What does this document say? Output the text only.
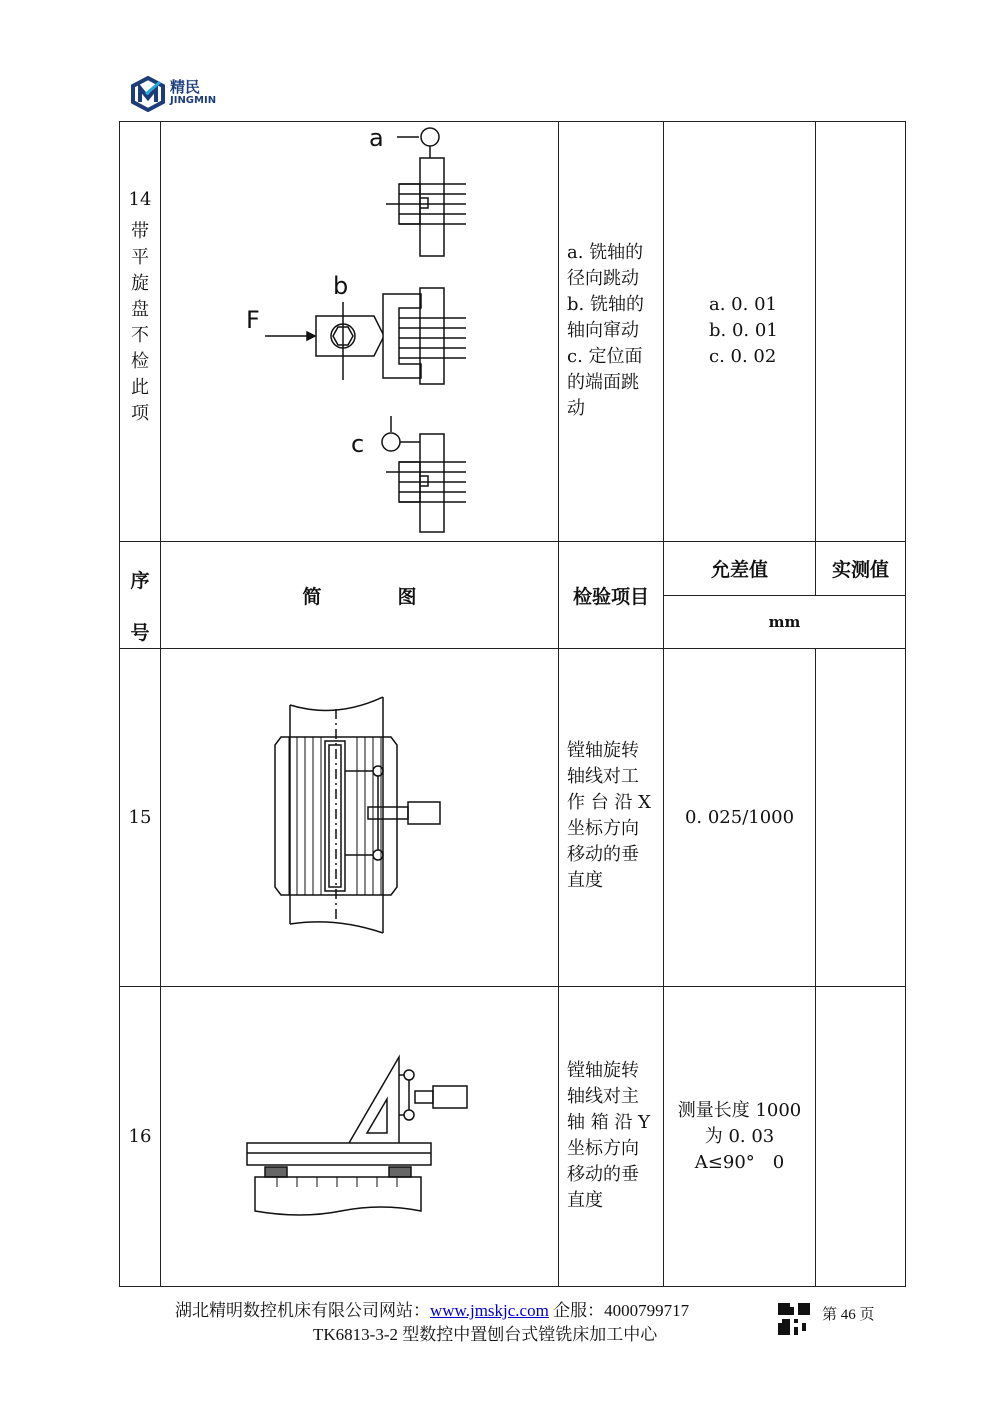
精民
JINGMIN
14
带
平
旋
盘
不
检
此
项
a
b
F
c
a. 铣轴的
径向跳动
b. 铣轴的
轴向窜动
c. 定位面
的端面跳
动
a. 0. 01
b. 0. 01
c. 0. 02
序
号
简　　　　图	检验项目
允差值	实测值
mm
15
镗轴旋转
轴线对工
作 台 沿 X
坐标方向
移动的垂
直度
0. 025/1000
16
镗轴旋转
轴线对主
轴 箱 沿 Y
坐标方向
移动的垂
直度
测量长度 1000
为 0. 03
A≤90°　0
湖北精明数控机床有限公司网站：www.jmskjc.com 企服：4000799717
TK6813-3-2 型数控中置刨台式镗铣床加工中心
第 46 页
